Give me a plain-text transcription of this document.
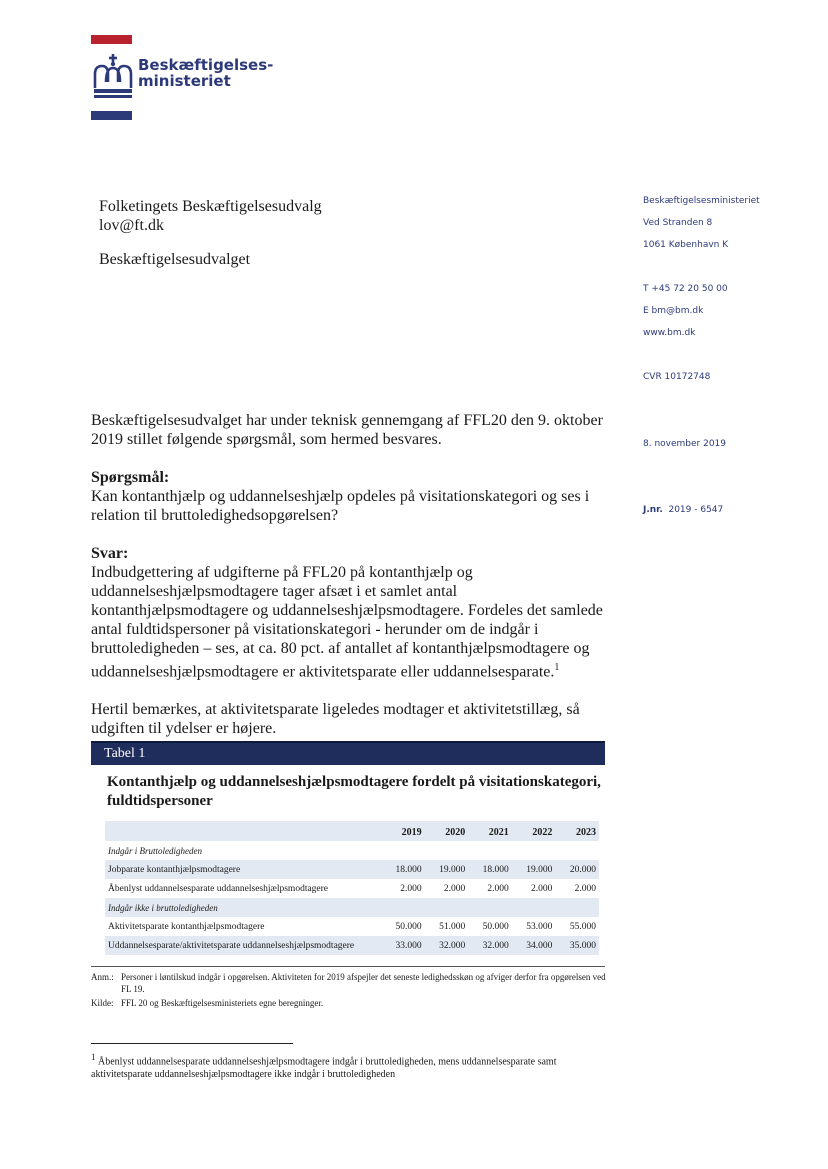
Beskæftigelses-
ministeriet
Folketingets Beskæftigelsesudvalg
lov@ft.dk
Beskæftigelsesudvalget
Beskæftigelsesministeriet
Ved Stranden 8
1061 København K
T +45 72 20 50 00
E bm@bm.dk
www.bm.dk
CVR 10172748
8. november 2019
J.nr. 2019 - 6547

Beskæftigelsesudvalget har under teknisk gennemgang af FFL20 den 9. oktober 2019 stillet følgende spørgsmål, som hermed besvares.

Spørgsmål:

Kan kontanthjælp og uddannelseshjælp opdeles på visitationskategori og ses i relation til bruttoledighedsopgørelsen?

Svar:

Indbudgettering af udgifterne på FFL20 på kontanthjælp og uddannelseshjælpsmodtagere tager afsæt i et samlet antal kontanthjælpsmodtagere og uddannelseshjælpsmodtagere. Fordeles det samlede antal fuldtidspersoner på visitationskategori - herunder om de indgår i bruttoledigheden – ses, at ca. 80 pct. af antallet af kontanthjælpsmodtagere og uddannelseshjælpsmodtagere er aktivitetsparate eller uddannelsesparate.$^1$

Hertil bemærkes, at aktivitetsparate ligeledes modtager et aktivitetstillæg, så udgiften til ydelser er højere.

Tabel 1
Kontanthjælp og uddannelseshjælpsmodtagere fordelt på visitationskategori, fuldtidspersoner
	2019	2020	2021	2022	2023
Indgår i Bruttoledigheden					
Jobparate kontanthjælpsmodtagere	18.000	19.000	18.000	19.000	20.000
Åbenlyst uddannelsesparate uddannelseshjælpsmodtagere	2.000	2.000	2.000	2.000	2.000
Indgår ikke i bruttoledigheden					
Aktivitetsparate kontanthjælpsmodtagere	50.000	51.000	50.000	53.000	55.000
Uddannelsesparate/aktivitetsparate uddannelseshjælpsmodtagere	33.000	32.000	32.000	34.000	35.000
Anm.: Personer i løntilskud indgår i opgørelsen. Aktiviteten for 2019 afspejler det seneste ledighedsskøn og afviger derfor fra opgørelsen ved FL 19.
Kilde: FFL 20 og Beskæftigelsesministeriets egne beregninger.
$^1$ Åbenlyst uddannelsesparate uddannelseshjælpsmodtagere indgår i bruttoledigheden, mens uddannelsesparate samt aktivitetsparate uddannelseshjælpsmodtagere ikke indgår i bruttoledigheden
